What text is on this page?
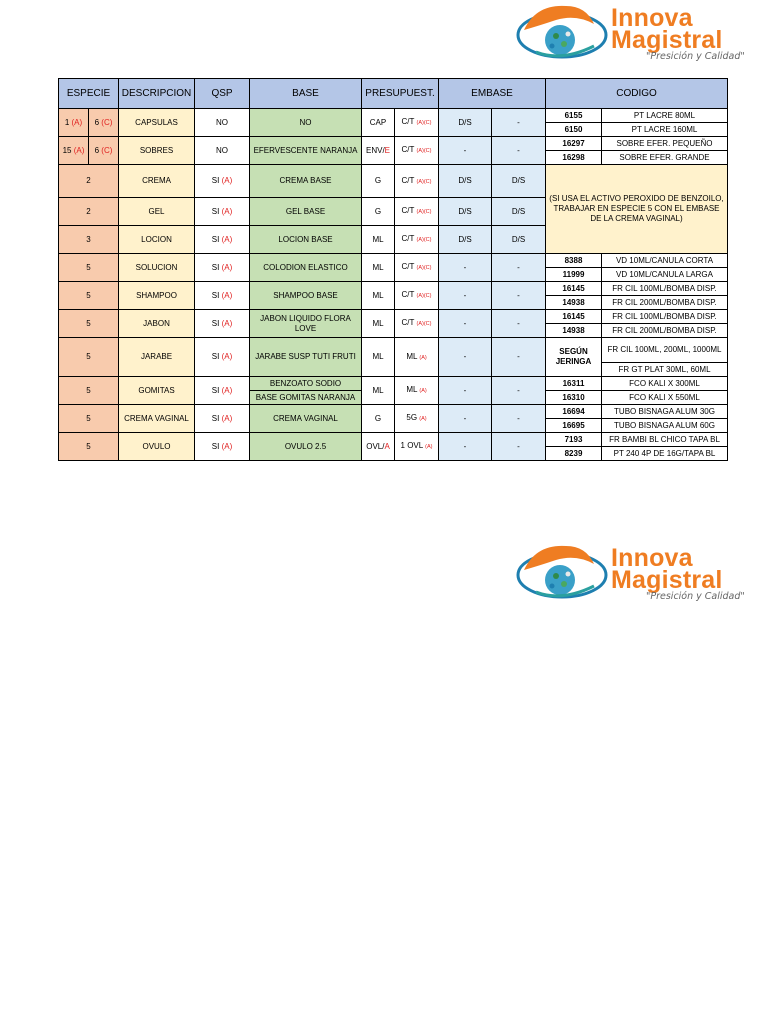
Innova
Magistral
"Presición y Calidad"
ESPECIE		DESCRIPCION	QSP	BASE	PRESUPUEST.		EMBASE		CODIGO	
1 (A)	6 (C)	CAPSULAS	NO	NO	CAP	C/T (A)(C)	D/S	-	6155	PT LACRE 80ML
									6150	PT LACRE 160ML
15 (A)	6 (C)	SOBRES	NO	EFERVESCENTE NARANJA	ENV/E	C/T (A)(C)	-	-	16297	SOBRE EFER. PEQUEÑO
									16298	SOBRE EFER. GRANDE
2		CREMA	SI (A)	CREMA BASE	G	C/T (A)(C)	D/S	D/S	(SI USA EL ACTIVO PEROXIDO DE BENZOILO, TRABAJAR EN ESPECIE 5 CON EL EMBASE DE LA CREMA VAGINAL)	
2		GEL	SI (A)	GEL BASE	G	C/T (A)(C)	D/S	D/S		
3		LOCION	SI (A)	LOCION BASE	ML	C/T (A)(C)	D/S	D/S		
5		SOLUCION	SI (A)	COLODION ELASTICO	ML	C/T (A)(C)	-	-	8388	VD 10ML/CANULA CORTA
									11999	VD 10ML/CANULA LARGA
5		SHAMPOO	SI (A)	SHAMPOO BASE	ML	C/T (A)(C)	-	-	16145	FR CIL 100ML/BOMBA DISP.
									14938	FR CIL 200ML/BOMBA DISP.
5		JABON	SI (A)	JABON LIQUIDO FLORA LOVE	ML	C/T (A)(C)	-	-	16145	FR CIL 100ML/BOMBA DISP.
									14938	FR CIL 200ML/BOMBA DISP.
5		JARABE	SI (A)	JARABE SUSP TUTI FRUTI	ML	ML (A)	-	-	SEGÚN JERINGA	FR CIL 100ML, 200ML, 1000ML
										FR GT PLAT 30ML, 60ML
5		GOMITAS	SI (A)	BENZOATO SODIO	ML	ML (A)	-	-	16311	FCO KALI X 300ML
				BASE GOMITAS NARANJA					16310	FCO KALI X 550ML
5		CREMA VAGINAL	SI (A)	CREMA VAGINAL	G	5G (A)	-	-	16694	TUBO BISNAGA ALUM 30G
									16695	TUBO BISNAGA ALUM 60G
5		OVULO	SI (A)	OVULO 2.5	OVL/A	1 OVL (A)	-	-	7193	FR BAMBI BL CHICO TAPA BL
									8239	PT 240 4P DE 16G/TAPA BL
Innova
Magistral
"Presición y Calidad"
